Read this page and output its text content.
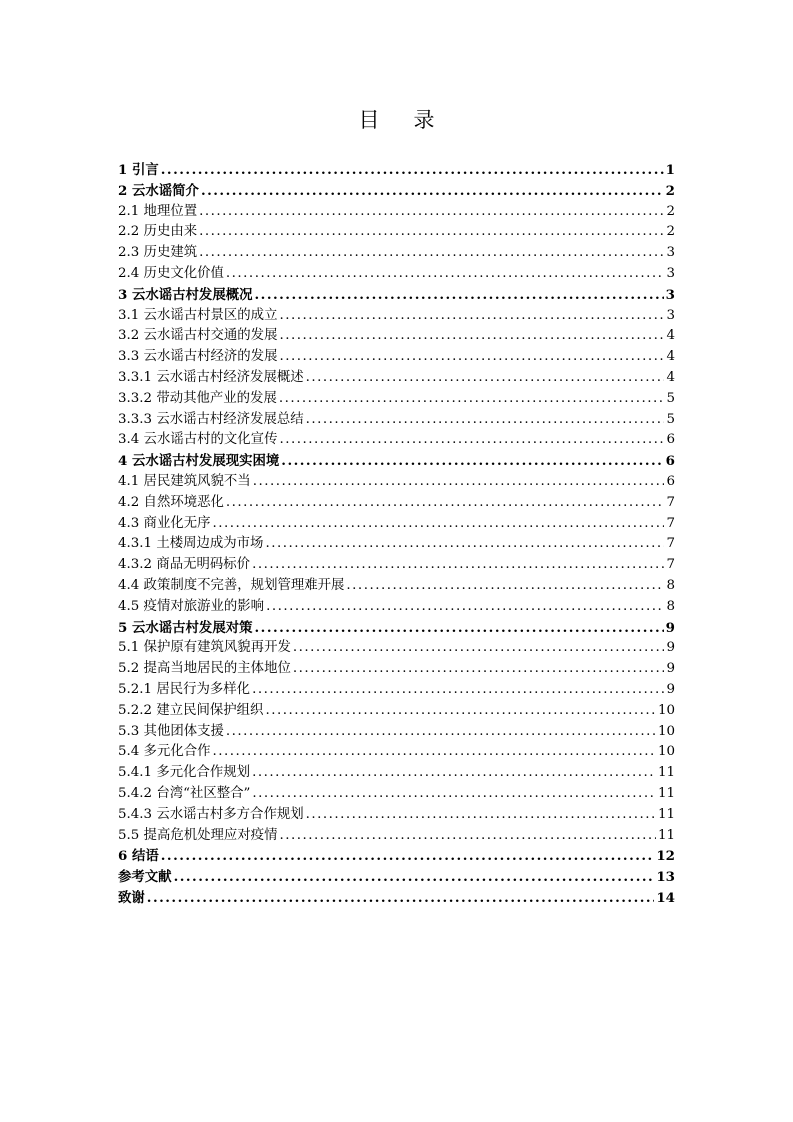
目 录
1 引言 .....	1
2 云水谣简介 .....	2
2.1 地理位置 .....	2
2.2 历史由来 .....	2
2.3 历史建筑 .....	3
2.4 历史文化价值 .....	3
3 云水谣古村发展概况 .....	3
3.1 云水谣古村景区的成立 .....	3
3.2 云水谣古村交通的发展 .....	4
3.3 云水谣古村经济的发展 .....	4
3.3.1 云水谣古村经济发展概述 .....	4
3.3.2 带动其他产业的发展 .....	5
3.3.3 云水谣古村经济发展总结 .....	5
3.4 云水谣古村的文化宣传 .....	6
4 云水谣古村发展现实困境 .....	6
4.1 居民建筑风貌不当 .....	6
4.2 自然环境恶化 .....	7
4.3 商业化无序 .....	7
4.3.1 土楼周边成为市场 .....	7
4.3.2 商品无明码标价 .....	7
4.4 政策制度不完善，规划管理难开展 .....	8
4.5 疫情对旅游业的影响 .....	8
5 云水谣古村发展对策 .....	9
5.1 保护原有建筑风貌再开发 .....	9
5.2 提高当地居民的主体地位 .....	9
5.2.1 居民行为多样化 .....	9
5.2.2 建立民间保护组织 .....	10
5.3 其他团体支援 .....	10
5.4 多元化合作 .....	10
5.4.1 多元化合作规划 .....	11
5.4.2 台湾“社区整合” .....	11
5.4.3 云水谣古村多方合作规划 .....	11
5.5 提高危机处理应对疫情 .....	11
6 结语 .....	12
参考文献 .....	13
致谢 .....	14
